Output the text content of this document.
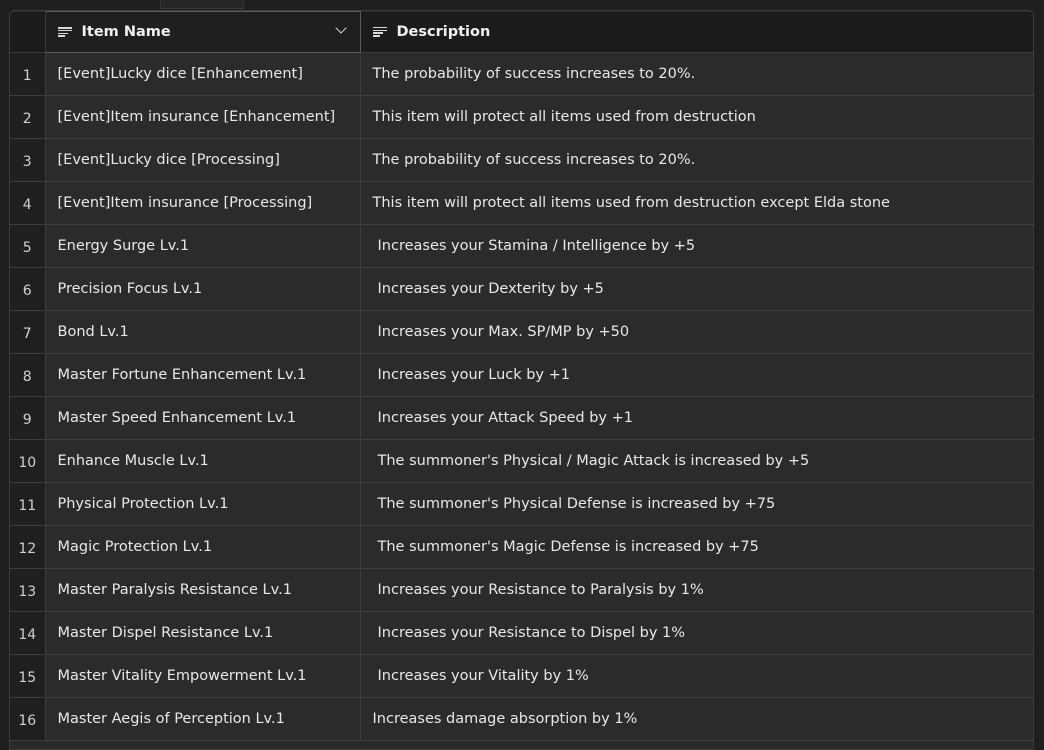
	Item Name	Description

1	[Event]Lucky dice [Enhancement]	The probability of success increases to 20%.
2	[Event]Item insurance [Enhancement]	This item will protect all items used from destruction
3	[Event]Lucky dice [Processing]	The probability of success increases to 20%.
4	[Event]Item insurance [Processing]	This item will protect all items used from destruction except Elda stone
5	Energy Surge Lv.1	Increases your Stamina / Intelligence by +5
6	Precision Focus Lv.1	Increases your Dexterity by +5
7	Bond Lv.1	Increases your Max. SP/MP by +50
8	Master Fortune Enhancement Lv.1	Increases your Luck by +1
9	Master Speed Enhancement Lv.1	Increases your Attack Speed by +1
10	Enhance Muscle Lv.1	The summoner's Physical / Magic Attack is increased by +5
11	Physical Protection Lv.1	The summoner's Physical Defense is increased by +75
12	Magic Protection Lv.1	The summoner's Magic Defense is increased by +75
13	Master Paralysis Resistance Lv.1	Increases your Resistance to Paralysis by 1%
14	Master Dispel Resistance Lv.1	Increases your Resistance to Dispel by 1%
15	Master Vitality Empowerment Lv.1	Increases your Vitality by 1%
16	Master Aegis of Perception Lv.1	Increases damage absorption by 1%
